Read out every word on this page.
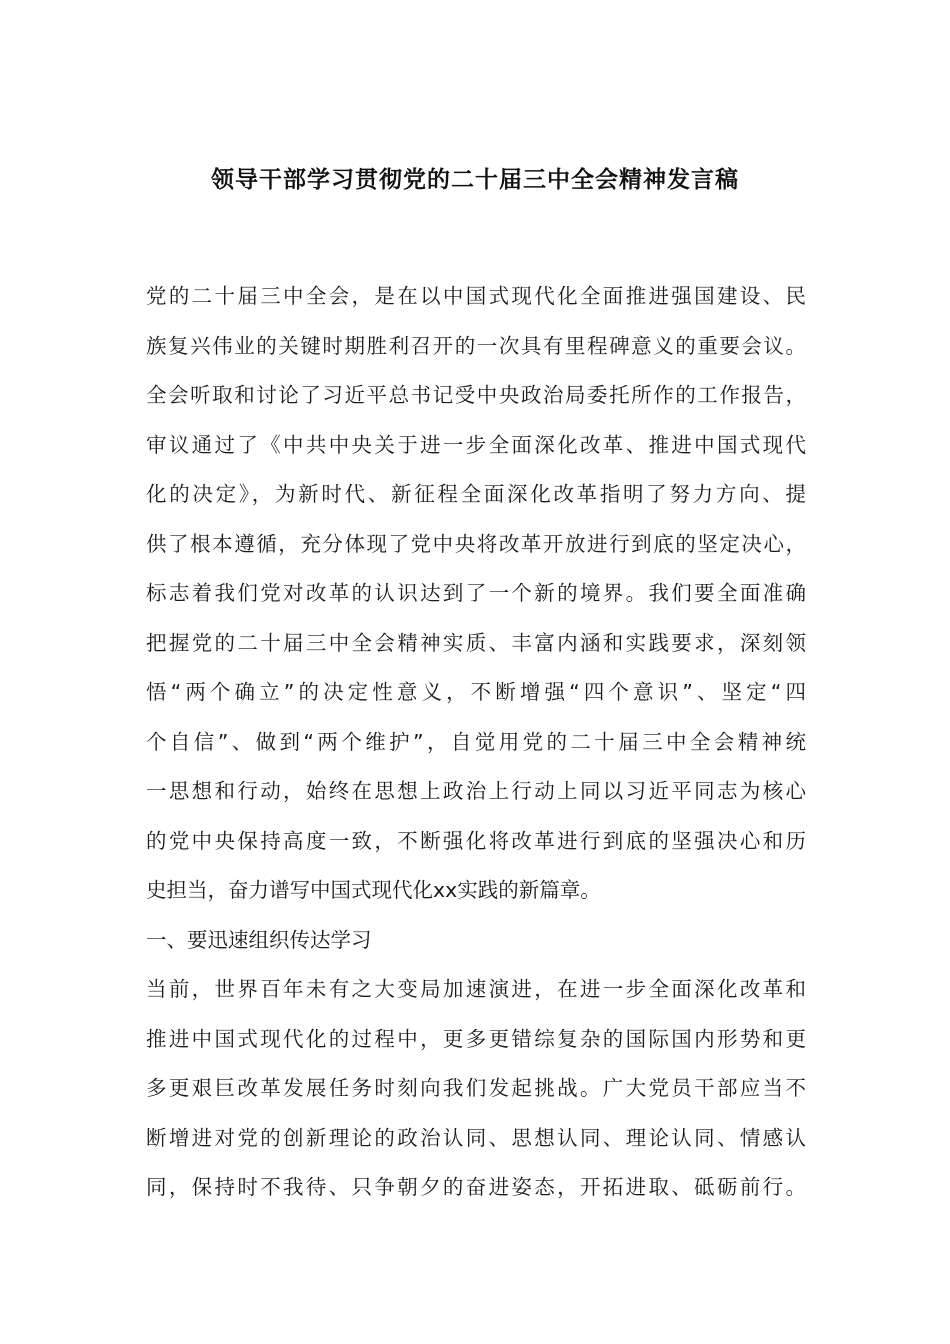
领导干部学习贯彻党的二十届三中全会精神发言稿
党的二十届三中全会，是在以中国式现代化全面推进强国建设、民
族复兴伟业的关键时期胜利召开的一次具有里程碑意义的重要会议。
全会听取和讨论了习近平总书记受中央政治局委托所作的工作报告，
审议通过了《中共中央关于进一步全面深化改革、推进中国式现代
化的决定》，为新时代、新征程全面深化改革指明了努力方向、提
供了根本遵循，充分体现了党中央将改革开放进行到底的坚定决心，
标志着我们党对改革的认识达到了一个新的境界。我们要全面准确
把握党的二十届三中全会精神实质、丰富内涵和实践要求，深刻领
悟“两个确立”的决定性意义，不断增强“四个意识”、坚定“四
个自信”、做到“两个维护”，自觉用党的二十届三中全会精神统
一思想和行动，始终在思想上政治上行动上同以习近平同志为核心
的党中央保持高度一致，不断强化将改革进行到底的坚强决心和历
史担当，奋力谱写中国式现代化xx实践的新篇章。
一、要迅速组织传达学习
当前，世界百年未有之大变局加速演进，在进一步全面深化改革和
推进中国式现代化的过程中，更多更错综复杂的国际国内形势和更
多更艰巨改革发展任务时刻向我们发起挑战。广大党员干部应当不
断增进对党的创新理论的政治认同、思想认同、理论认同、情感认
同，保持时不我待、只争朝夕的奋进姿态，开拓进取、砥砺前行。
